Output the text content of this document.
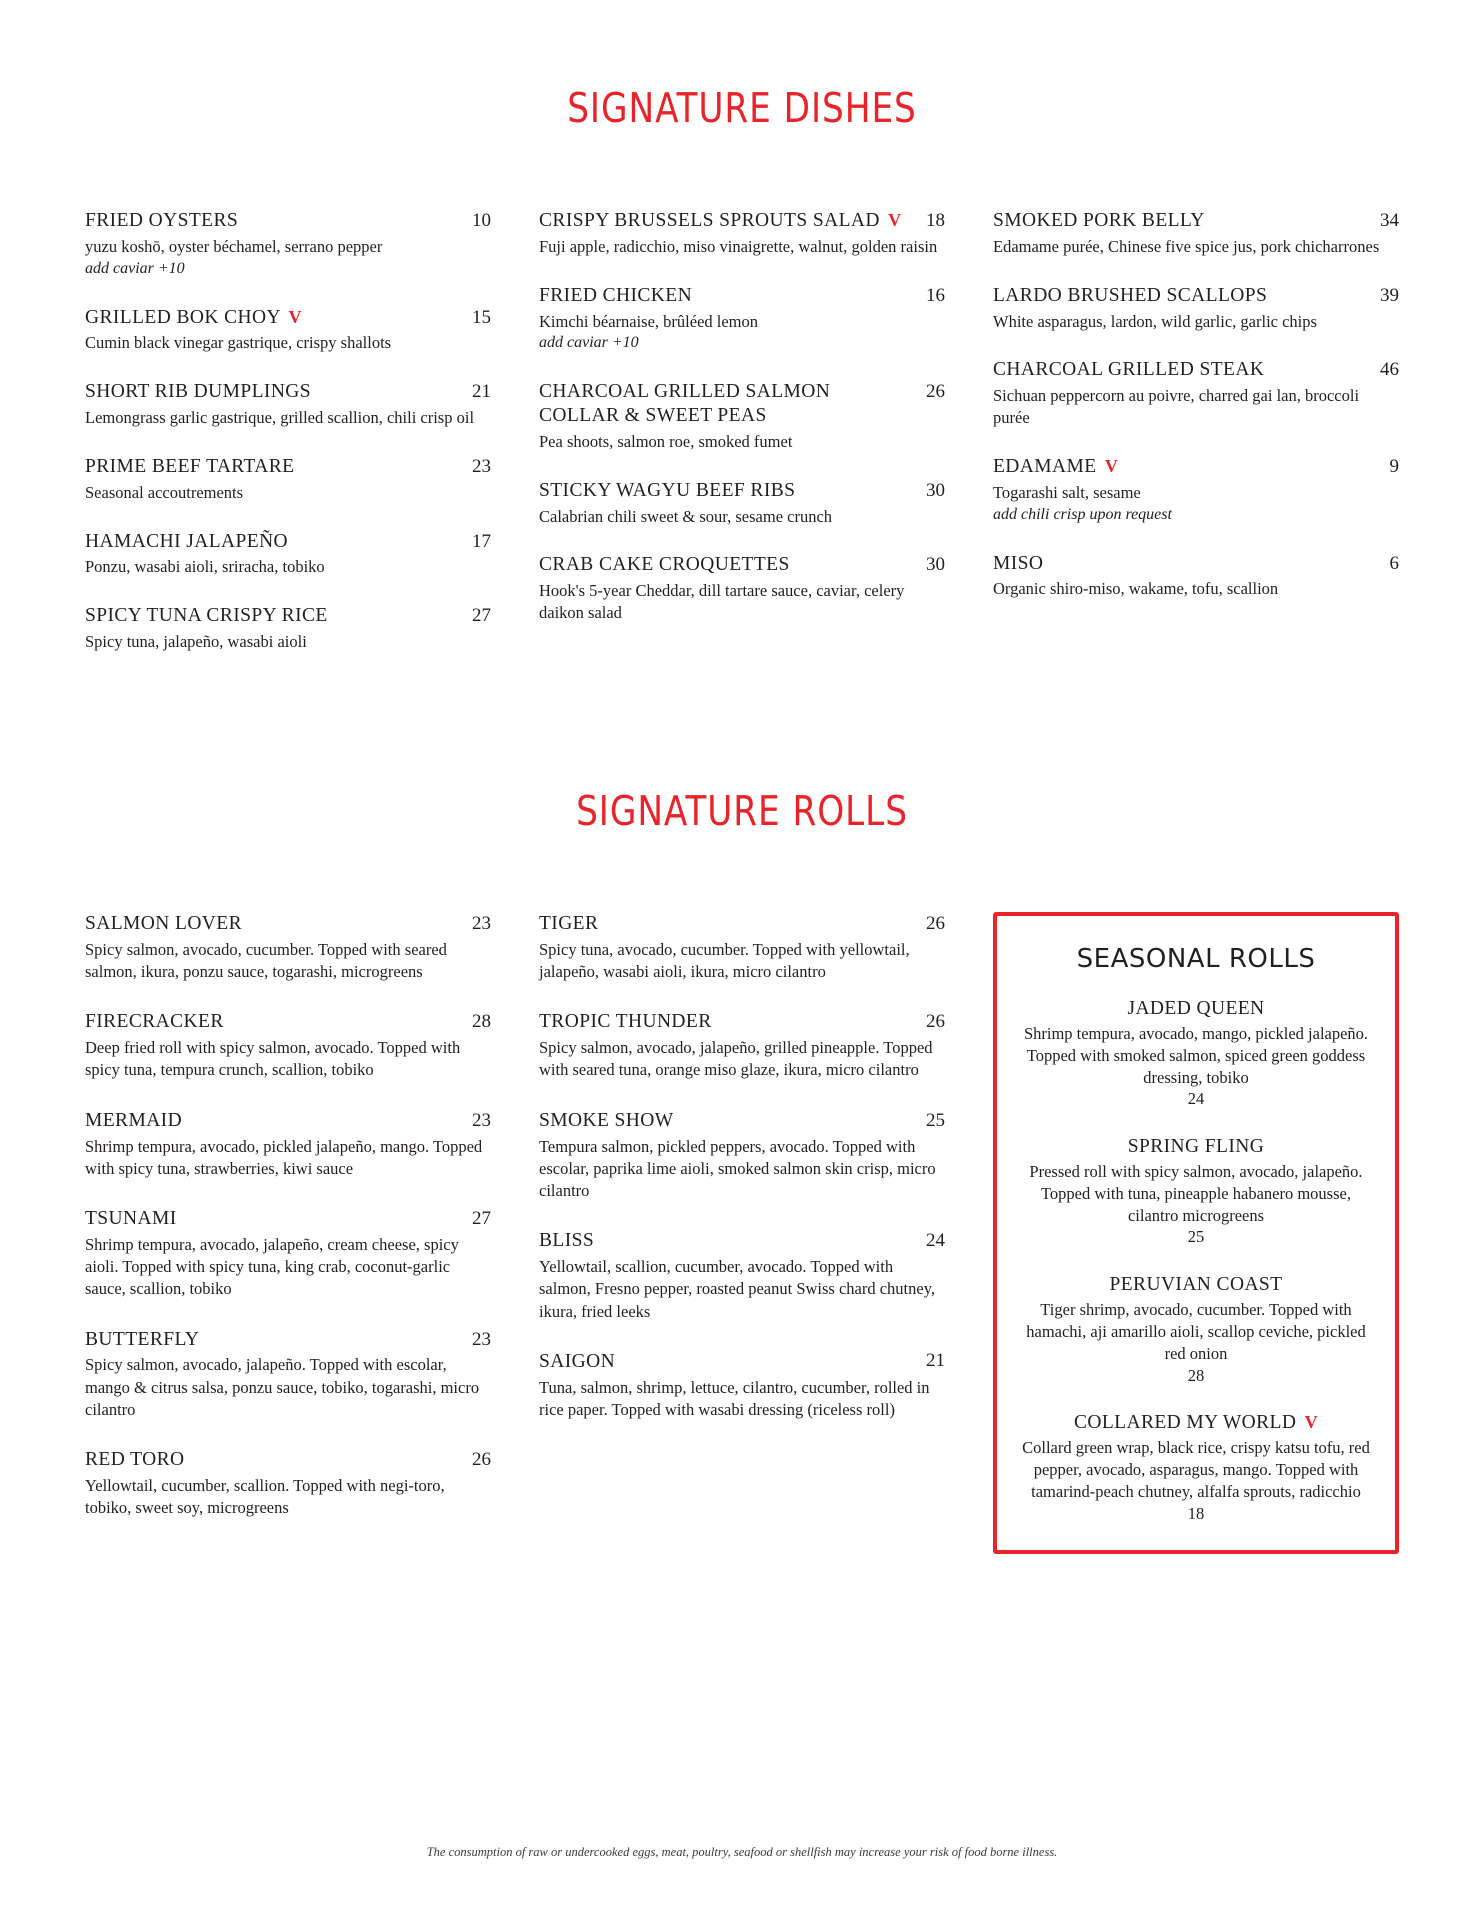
SIGNATURE DISHES
FRIED OYSTERS	10
yuzu koshō, oyster béchamel, serrano pepper
add caviar +10
GRILLED BOK CHOY V	15
Cumin black vinegar gastrique, crispy shallots
SHORT RIB DUMPLINGS	21
Lemongrass garlic gastrique, grilled scallion, chili crisp oil
PRIME BEEF TARTARE	23
Seasonal accoutrements
HAMACHI JALAPEÑO	17
Ponzu, wasabi aioli, sriracha, tobiko
SPICY TUNA CRISPY RICE	27
Spicy tuna, jalapeño, wasabi aioli
CRISPY BRUSSELS SPROUTS SALAD V	18
Fuji apple, radicchio, miso vinaigrette, walnut, golden raisin
FRIED CHICKEN	16
Kimchi béarnaise, brûléed lemon
add caviar +10
CHARCOAL GRILLED SALMON COLLAR & SWEET PEAS
26
Pea shoots, salmon roe, smoked fumet
STICKY WAGYU BEEF RIBS	30
Calabrian chili sweet & sour, sesame crunch
CRAB CAKE CROQUETTES	30
Hook's 5-year Cheddar, dill tartare sauce, caviar, celery daikon salad
SMOKED PORK BELLY	34
Edamame purée, Chinese five spice jus, pork chicharrones
LARDO BRUSHED SCALLOPS	39
White asparagus, lardon, wild garlic, garlic chips
CHARCOAL GRILLED STEAK	46
Sichuan peppercorn au poivre, charred gai lan, broccoli purée
EDAMAME V	9
Togarashi salt, sesame
add chili crisp upon request
MISO	6
Organic shiro-miso, wakame, tofu, scallion
SIGNATURE ROLLS
SALMON LOVER	23
Spicy salmon, avocado, cucumber. Topped with seared salmon, ikura, ponzu sauce, togarashi, microgreens
FIRECRACKER	28
Deep fried roll with spicy salmon, avocado. Topped with spicy tuna, tempura crunch, scallion, tobiko
MERMAID	23
Shrimp tempura, avocado, pickled jalapeño, mango. Topped with spicy tuna, strawberries, kiwi sauce
TSUNAMI	27
Shrimp tempura, avocado, jalapeño, cream cheese, spicy aioli. Topped with spicy tuna, king crab, coconut-garlic sauce, scallion, tobiko
BUTTERFLY	23
Spicy salmon, avocado, jalapeño. Topped with escolar, mango & citrus salsa, ponzu sauce, tobiko, togarashi, micro cilantro
RED TORO	26
Yellowtail, cucumber, scallion. Topped with negi-toro, tobiko, sweet soy, microgreens
TIGER	26
Spicy tuna, avocado, cucumber. Topped with yellowtail, jalapeño, wasabi aioli, ikura, micro cilantro
TROPIC THUNDER	26
Spicy salmon, avocado, jalapeño, grilled pineapple. Topped with seared tuna, orange miso glaze, ikura, micro cilantro
SMOKE SHOW	25
Tempura salmon, pickled peppers, avocado. Topped with escolar, paprika lime aioli, smoked salmon skin crisp, micro cilantro
BLISS	24
Yellowtail, scallion, cucumber, avocado. Topped with salmon, Fresno pepper, roasted peanut Swiss chard chutney, ikura, fried leeks
SAIGON	21
Tuna, salmon, shrimp, lettuce, cilantro, cucumber, rolled in rice paper. Topped with wasabi dressing (riceless roll)
SEASONAL ROLLS
JADED QUEEN
Shrimp tempura, avocado, mango, pickled jalapeño. Topped with smoked salmon, spiced green goddess dressing, tobiko
24
SPRING FLING
Pressed roll with spicy salmon, avocado, jalapeño. Topped with tuna, pineapple habanero mousse, cilantro microgreens
25
PERUVIAN COAST
Tiger shrimp, avocado, cucumber. Topped with hamachi, aji amarillo aioli, scallop ceviche, pickled red onion
28
COLLARED MY WORLD V
Collard green wrap, black rice, crispy katsu tofu, red pepper, avocado, asparagus, mango. Topped with tamarind-peach chutney, alfalfa sprouts, radicchio
18
The consumption of raw or undercooked eggs, meat, poultry, seafood or shellfish may increase your risk of food borne illness.
